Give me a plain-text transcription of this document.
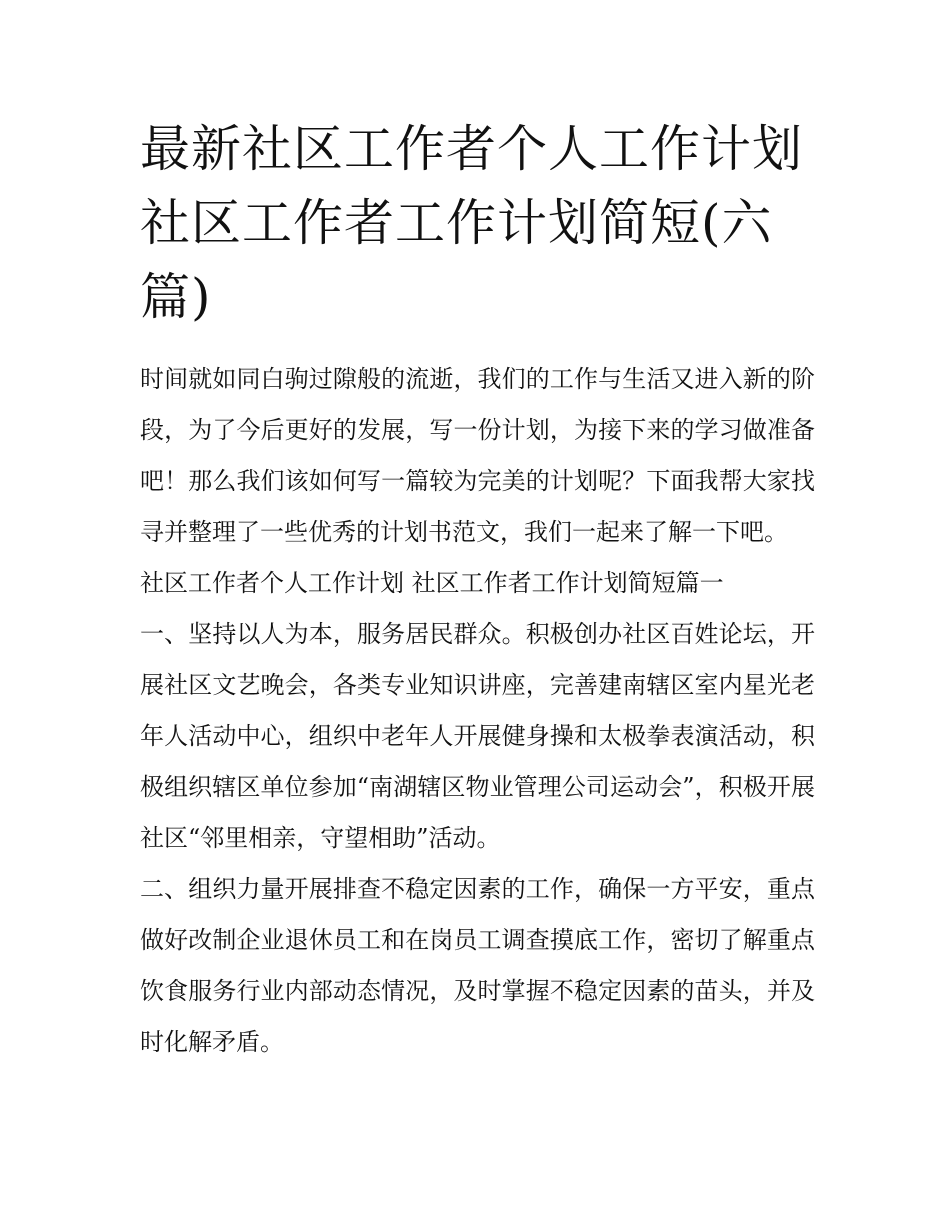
最新社区工作者个人工作计划 社区工作者工作计划简短(六篇)

时间就如同白驹过隙般的流逝，我们的工作与生活又进入新的阶段，为了今后更好的发展，写一份计划，为接下来的学习做准备吧！那么我们该如何写一篇较为完美的计划呢？下面我帮大家找寻并整理了一些优秀的计划书范文，我们一起来了解一下吧。

社区工作者个人工作计划 社区工作者工作计划简短篇一

一、坚持以人为本，服务居民群众。积极创办社区百姓论坛，开展社区文艺晚会，各类专业知识讲座，完善建南辖区室内星光老年人活动中心，组织中老年人开展健身操和太极拳表演活动，积极组织辖区单位参加“南湖辖区物业管理公司运动会”，积极开展社区“邻里相亲，守望相助”活动。

二、组织力量开展排查不稳定因素的工作，确保一方平安，重点做好改制企业退休员工和在岗员工调查摸底工作，密切了解重点饮食服务行业内部动态情况，及时掌握不稳定因素的苗头，并及时化解矛盾。
